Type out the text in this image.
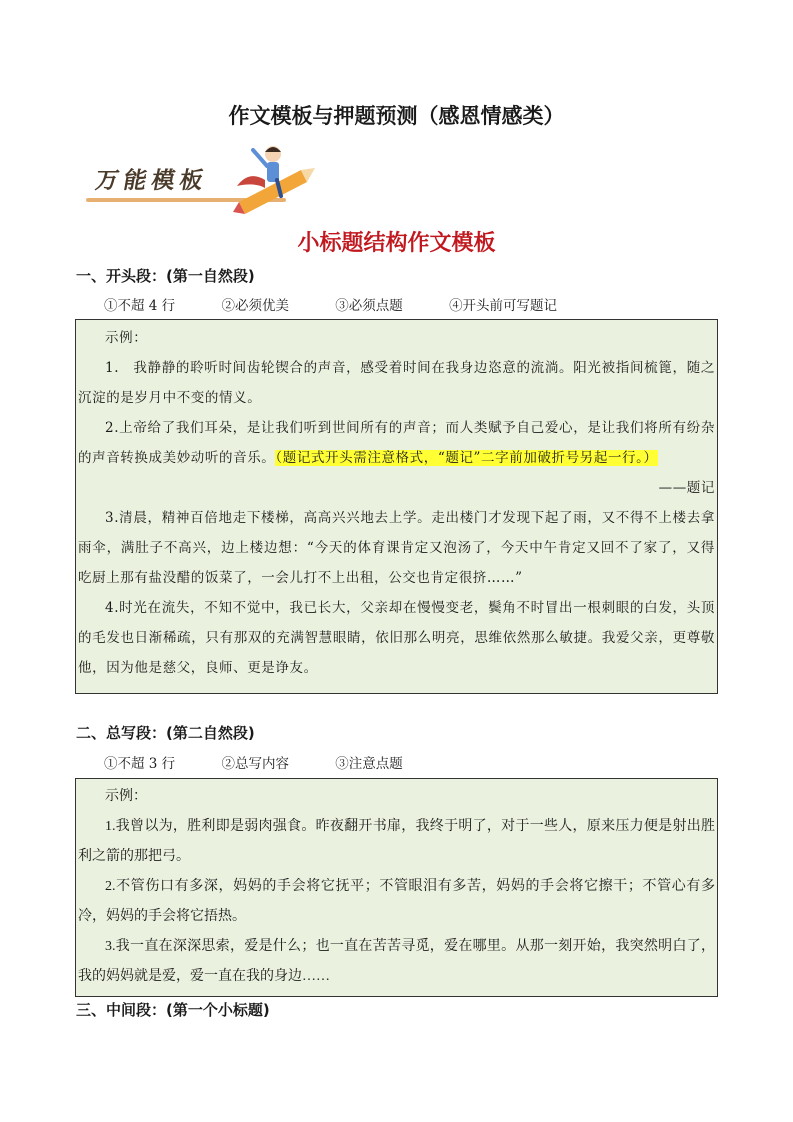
作文模板与押题预测（感恩情感类）
万能模板
小标题结构作文模板
一、开头段：(第一自然段)
①不超 4 行	②必须优美	③必须点题	④开头前可写题记

示例：

1.　我静静的聆听时间齿轮锲合的声音，感受着时间在我身边恣意的流淌。阳光被指间梳篦，随之沉淀的是岁月中不变的情义。

2.上帝给了我们耳朵，是让我们听到世间所有的声音；而人类赋予自己爱心，是让我们将所有纷杂的声音转换成美妙动听的音乐。（题记式开头需注意格式，“题记”二字前加破折号另起一行。）

——题记

3.清晨，精神百倍地走下楼梯，高高兴兴地去上学。走出楼门才发现下起了雨，又不得不上楼去拿雨伞，满肚子不高兴，边上楼边想：“今天的体育课肯定又泡汤了，今天中午肯定又回不了家了，又得吃厨上那有盐没醋的饭菜了，一会儿打不上出租，公交也肯定很挤……”

4.时光在流失，不知不觉中，我已长大，父亲却在慢慢变老，鬓角不时冒出一根刺眼的白发，头顶的毛发也日渐稀疏，只有那双的充满智慧眼睛，依旧那么明亮，思维依然那么敏捷。我爱父亲，更尊敬他，因为他是慈父，良师、更是诤友。

二、总写段：(第二自然段)
①不超 3 行	②总写内容	③注意点题

示例：

1.我曾以为，胜利即是弱肉强食。昨夜翻开书扉，我终于明了，对于一些人，原来压力便是射出胜利之箭的那把弓。

2.不管伤口有多深，妈妈的手会将它抚平；不管眼泪有多苦，妈妈的手会将它擦干；不管心有多冷，妈妈的手会将它捂热。

3.我一直在深深思索，爱是什么；也一直在苦苦寻觅，爱在哪里。从那一刻开始，我突然明白了，我的妈妈就是爱，爱一直在我的身边……

三、中间段：(第一个小标题)
